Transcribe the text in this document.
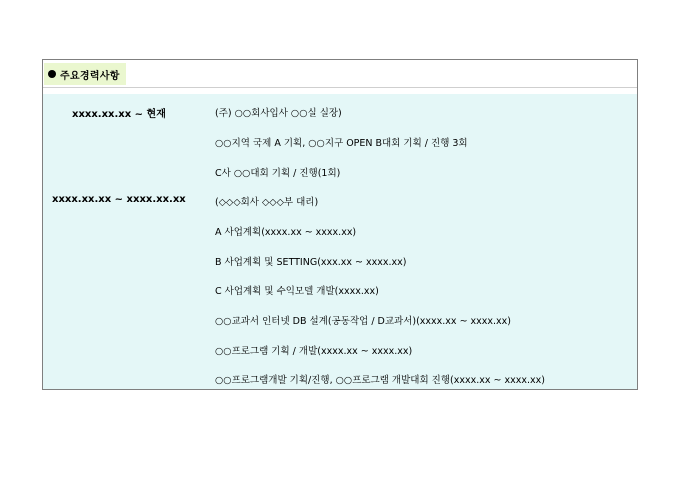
주요경력사항
xxxx.xx.xx ~ 현재
xxxx.xx.xx ~ xxxx.xx.xx
(주) ○○회사입사 ○○실 실장)
○○지역 국제 A 기획, ○○지구 OPEN B대회 기획 / 진행 3회
C사 ○○대회 기획 / 진행(1회)
(◇◇◇회사 ◇◇◇부 대리)
A 사업계획(xxxx.xx ~ xxxx.xx)
B 사업계획 및 SETTING(xxx.xx ~ xxxx.xx)
C 사업계획 및 수익모델 개발(xxxx.xx)
○○교과서 인터넷 DB 설계(공동작업 / D교과서)(xxxx.xx ~ xxxx.xx)
○○프로그램 기획 / 개발(xxxx.xx ~ xxxx.xx)
○○프로그램개발 기획/진행, ○○프로그램 개발대회 진행(xxxx.xx ~ xxxx.xx)
